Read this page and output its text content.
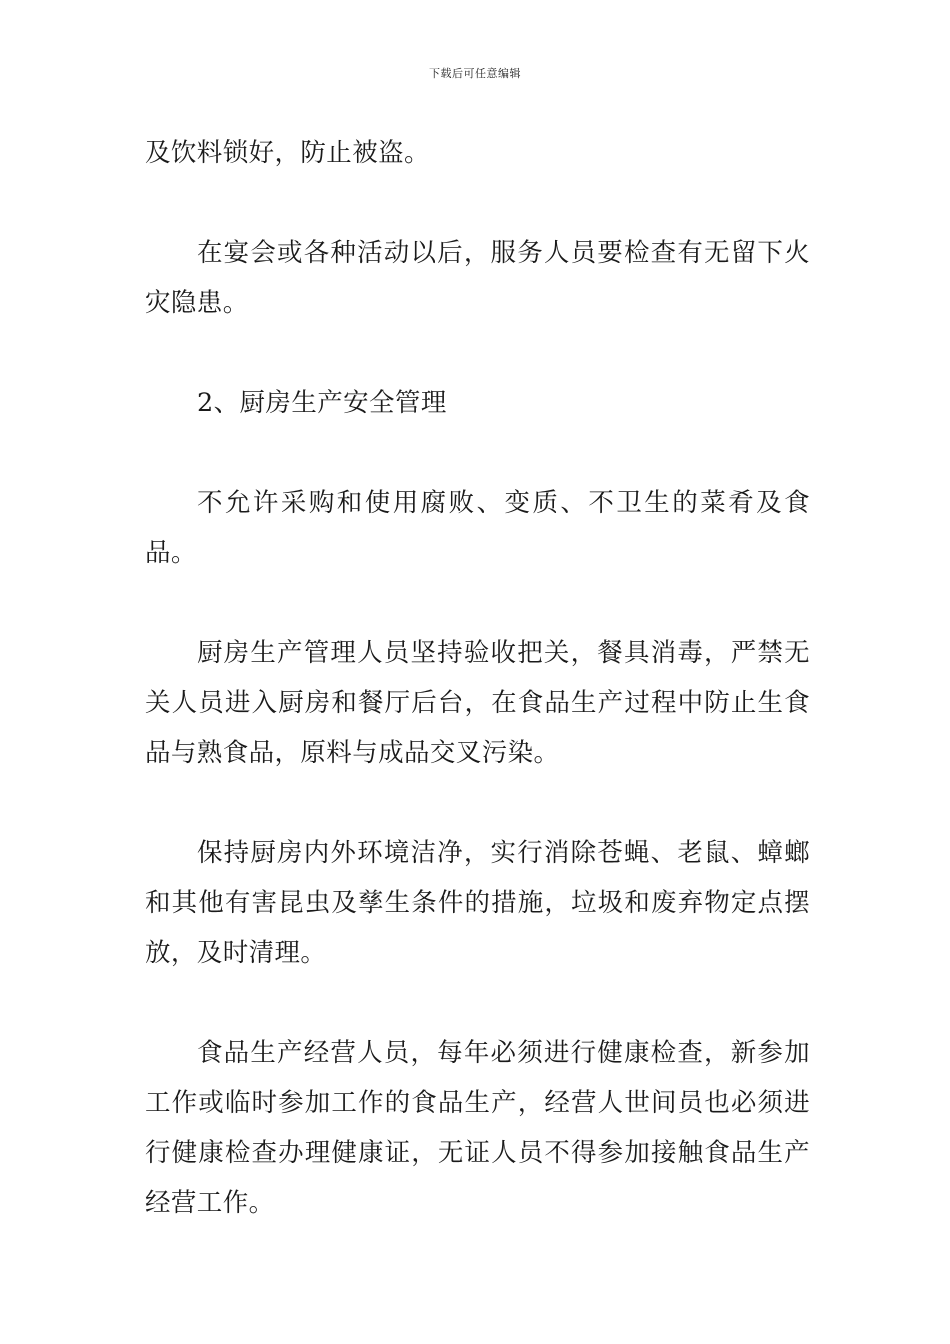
下载后可任意编辑

及饮料锁好，防止被盗。

在宴会或各种活动以后，服务人员要检查有无留下火灾隐患。

2、厨房生产安全管理

不允许采购和使用腐败、变质、不卫生的菜肴及食品。

厨房生产管理人员坚持验收把关，餐具消毒，严禁无关人员进入厨房和餐厅后台，在食品生产过程中防止生食品与熟食品，原料与成品交叉污染。

保持厨房内外环境洁净，实行消除苍蝇、老鼠、蟑螂和其他有害昆虫及孳生条件的措施，垃圾和废弃物定点摆放，及时清理。

食品生产经营人员，每年必须进行健康检查，新参加工作或临时参加工作的食品生产，经营人世间员也必须进行健康检查办理健康证，无证人员不得参加接触食品生产经营工作。
